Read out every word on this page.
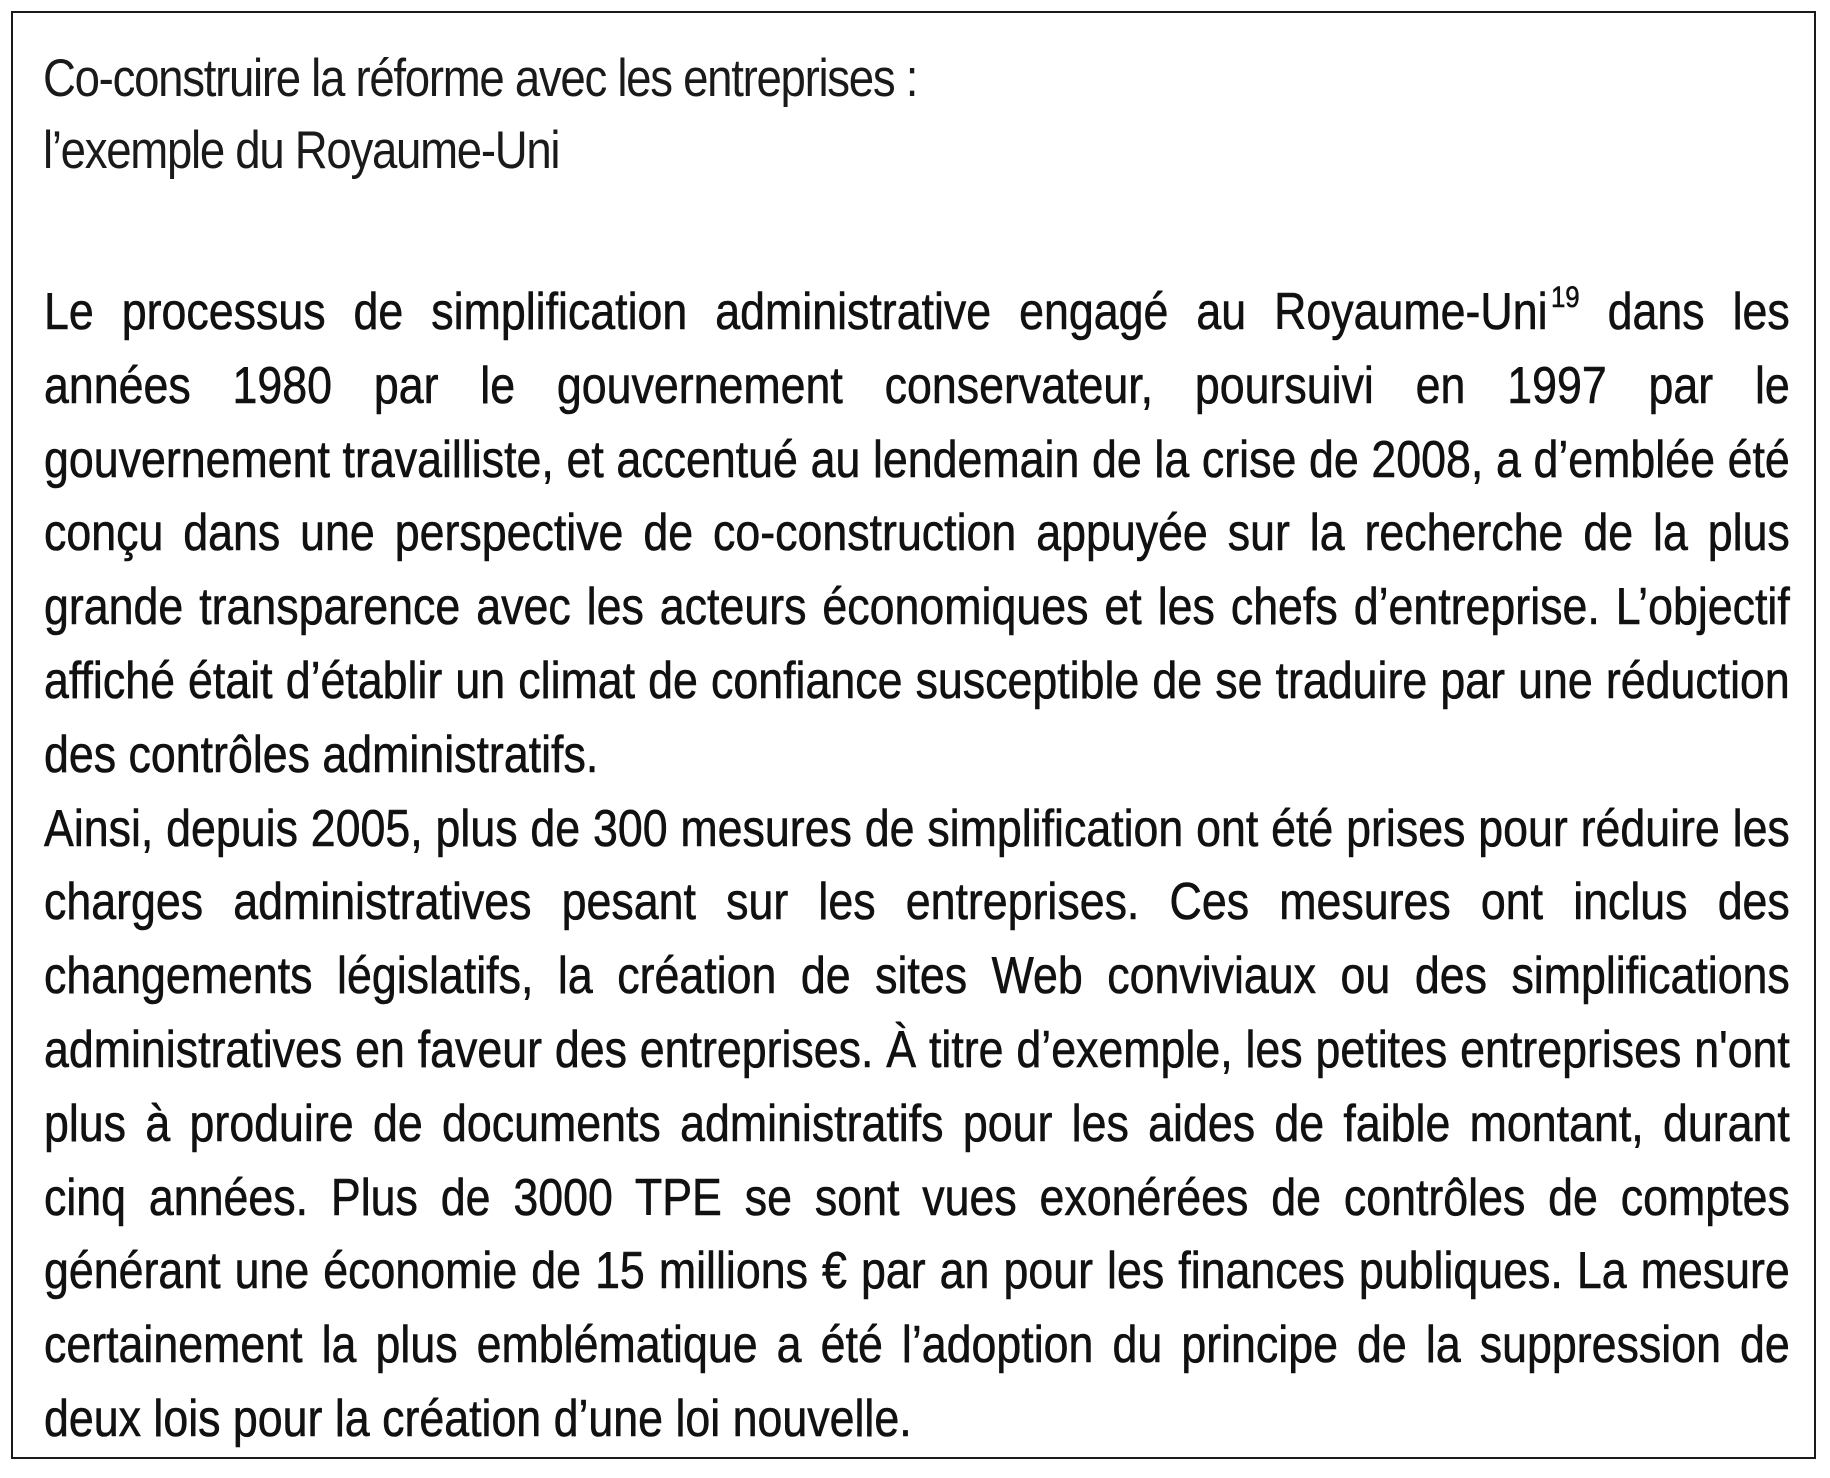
Co-construire la réforme avec les entreprises :
l’exemple du Royaume-Uni

Le processus de simplification administrative engagé au Royaume-Uni $^{19}$ dans les années 1980 par le gouvernement conservateur, poursuivi en 1997 par le gouvernement travailliste, et accentué au lendemain de la crise de 2008, a d’emblée été conçu dans une perspective de co-construction appuyée sur la recherche de la plus grande transparence avec les acteurs économiques et les chefs d’entreprise. L’objectif affiché était d’établir un climat de confiance susceptible de se traduire par une réduction des contrôles administratifs.

Ainsi, depuis 2005, plus de 300 mesures de simplification ont été prises pour réduire les charges administratives pesant sur les entreprises. Ces mesures ont inclus des changements législatifs, la création de sites Web conviviaux ou des simplifications administratives en faveur des entreprises. À titre d’exemple, les petites entreprises n'ont plus à produire de documents administratifs pour les aides de faible montant, durant cinq années. Plus de 3000 TPE se sont vues exonérées de contrôles de comptes générant une économie de 15 millions € par an pour les finances publiques. La mesure certainement la plus emblématique a été l’adoption du principe de la suppression de deux lois pour la création d’une loi nouvelle.
